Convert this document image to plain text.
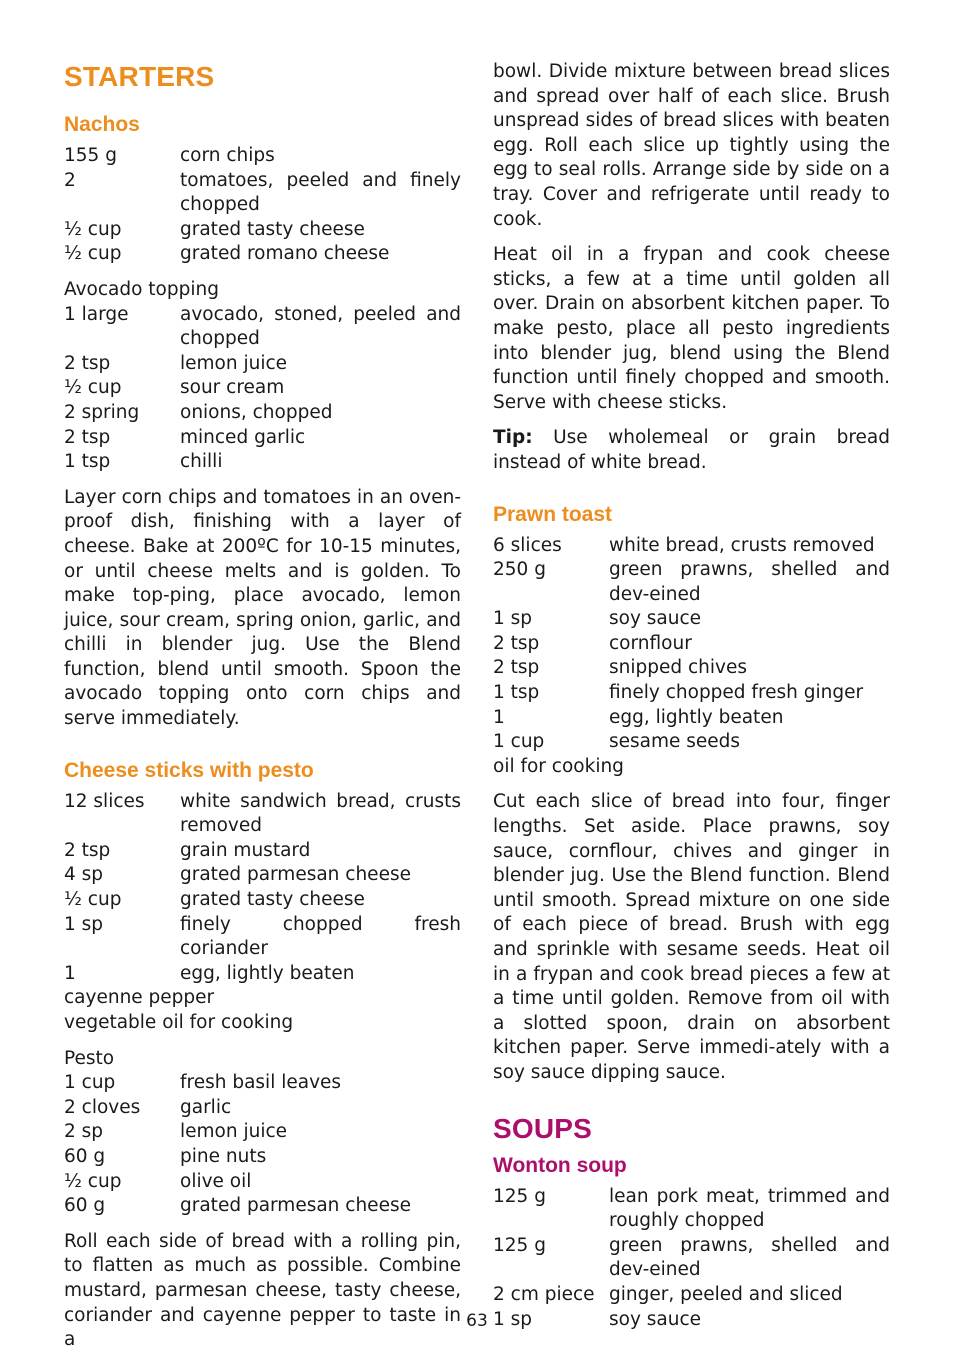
STARTERS
Nachos
155 g	corn chips
2	tomatoes, peeled and finely chopped
½ cup	grated tasty cheese
½ cup	grated romano cheese
Avocado topping
1 large	avocado, stoned, peeled and chopped
2 tsp	lemon juice
½ cup	sour cream
2 spring	onions, chopped
2 tsp	minced garlic
1 tsp	chilli

Layer corn chips and tomatoes in an oven-proof dish, finishing with a layer of cheese. Bake at 200ºC for 10-15 minutes, or until cheese melts and is golden. To make top-ping, place avocado, lemon juice, sour cream, spring onion, garlic, and chilli in blender jug. Use the Blend function, blend until smooth. Spoon the avocado topping onto corn chips and serve immediately.

Cheese sticks with pesto
12 slices	white sandwich bread, crusts removed
2 tsp	grain mustard
4 sp	grated parmesan cheese
½ cup	grated tasty cheese
1 sp	finely chopped fresh coriander
1	egg, lightly beaten
cayenne pepper
vegetable oil for cooking
Pesto
1 cup	fresh basil leaves
2 cloves	garlic
2 sp	lemon juice
60 g	pine nuts
½ cup	olive oil
60 g	grated parmesan cheese

Roll each side of bread with a rolling pin, to flatten as much as possible. Combine mustard, parmesan cheese, tasty cheese, coriander and cayenne pepper to taste in a

bowl. Divide mixture between bread slices and spread over half of each slice. Brush unspread sides of bread slices with beaten egg. Roll each slice up tightly using the egg to seal rolls. Arrange side by side on a tray. Cover and refrigerate until ready to cook.

Heat oil in a frypan and cook cheese sticks, a few at a time until golden all over. Drain on absorbent kitchen paper. To make pesto, place all pesto ingredients into blender jug, blend using the Blend function until finely chopped and smooth. Serve with cheese sticks.

Tip: Use wholemeal or grain bread instead of white bread.

Prawn toast
6 slices	white bread, crusts removed
250 g	green prawns, shelled and dev-eined
1 sp	soy sauce
2 tsp	cornflour
2 tsp	snipped chives
1 tsp	finely chopped fresh ginger
1	egg, lightly beaten
1 cup	sesame seeds
oil for cooking

Cut each slice of bread into four, finger lengths. Set aside. Place prawns, soy sauce, cornflour, chives and ginger in blender jug. Use the Blend function. Blend until smooth. Spread mixture on one side of each piece of bread. Brush with egg and sprinkle with sesame seeds. Heat oil in a frypan and cook bread pieces a few at a time until golden. Remove from oil with a slotted spoon, drain on absorbent kitchen paper. Serve immedi-ately with a soy sauce dipping sauce.

SOUPS
Wonton soup
125 g	lean pork meat, trimmed and roughly chopped
125 g	green prawns, shelled and dev-eined
2 cm piece ginger, peeled and sliced
1 sp	soy sauce
63
